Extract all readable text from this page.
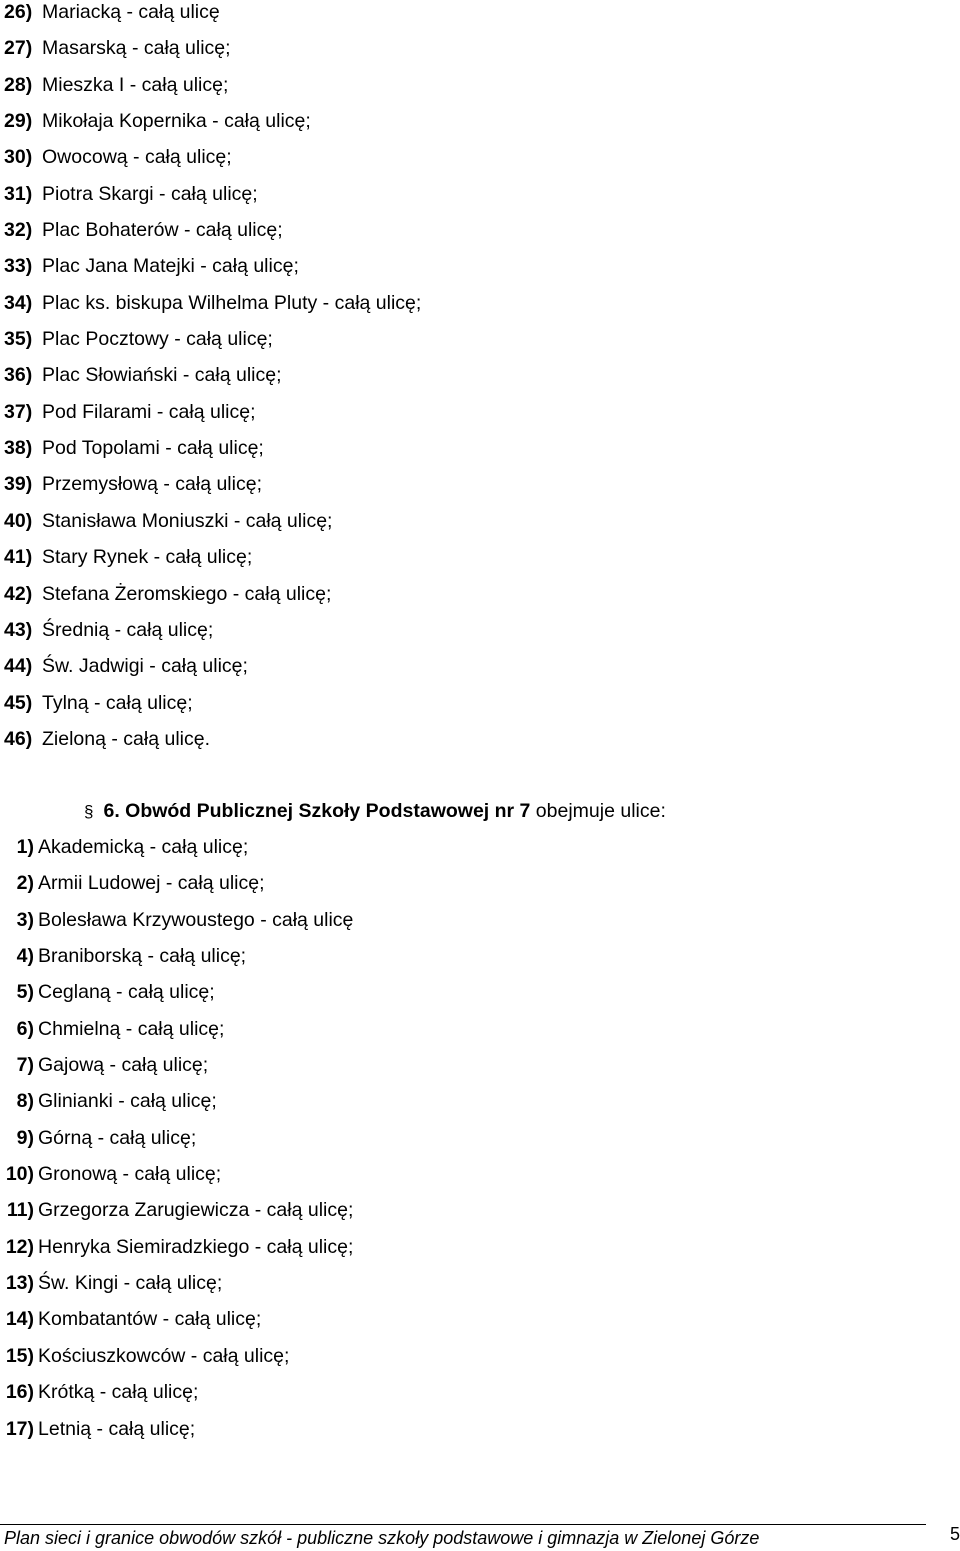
26) Mariacką - całą ulicę
27) Masarską - całą ulicę;
28) Mieszka I - całą ulicę;
29) Mikołaja Kopernika - całą ulicę;
30) Owocową - całą ulicę;
31) Piotra Skargi - całą ulicę;
32) Plac Bohaterów - całą ulicę;
33) Plac Jana Matejki - całą ulicę;
34) Plac ks. biskupa Wilhelma Pluty - całą ulicę;
35) Plac Pocztowy - całą ulicę;
36) Plac Słowiański - całą ulicę;
37) Pod Filarami - całą ulicę;
38) Pod Topolami - całą ulicę;
39) Przemysłową - całą ulicę;
40) Stanisława Moniuszki - całą ulicę;
41) Stary Rynek - całą ulicę;
42) Stefana Żeromskiego - całą ulicę;
43) Średnią - całą ulicę;
44) Św. Jadwigi - całą ulicę;
45) Tylną - całą ulicę;
46) Zieloną - całą ulicę.
§ 6. Obwód Publicznej Szkoły Podstawowej nr 7 obejmuje ulice:
1) Akademicką - całą ulicę;
2) Armii Ludowej - całą ulicę;
3) Bolesława Krzywoustego - całą ulicę
4) Braniborską - całą ulicę;
5) Ceglaną - całą ulicę;
6) Chmielną - całą ulicę;
7) Gajową - całą ulicę;
8) Glinianki - całą ulicę;
9) Górną - całą ulicę;
10) Gronową - całą ulicę;
11) Grzegorza Zarugiewicza - całą ulicę;
12) Henryka Siemiradzkiego - całą ulicę;
13) Św. Kingi - całą ulicę;
14) Kombatantów - całą ulicę;
15) Kościuszkowców - całą ulicę;
16) Krótką - całą ulicę;
17) Letnią - całą ulicę;
Plan sieci i granice obwodów szkół - publiczne szkoły podstawowe i gimnazja w Zielonej Górze	5
